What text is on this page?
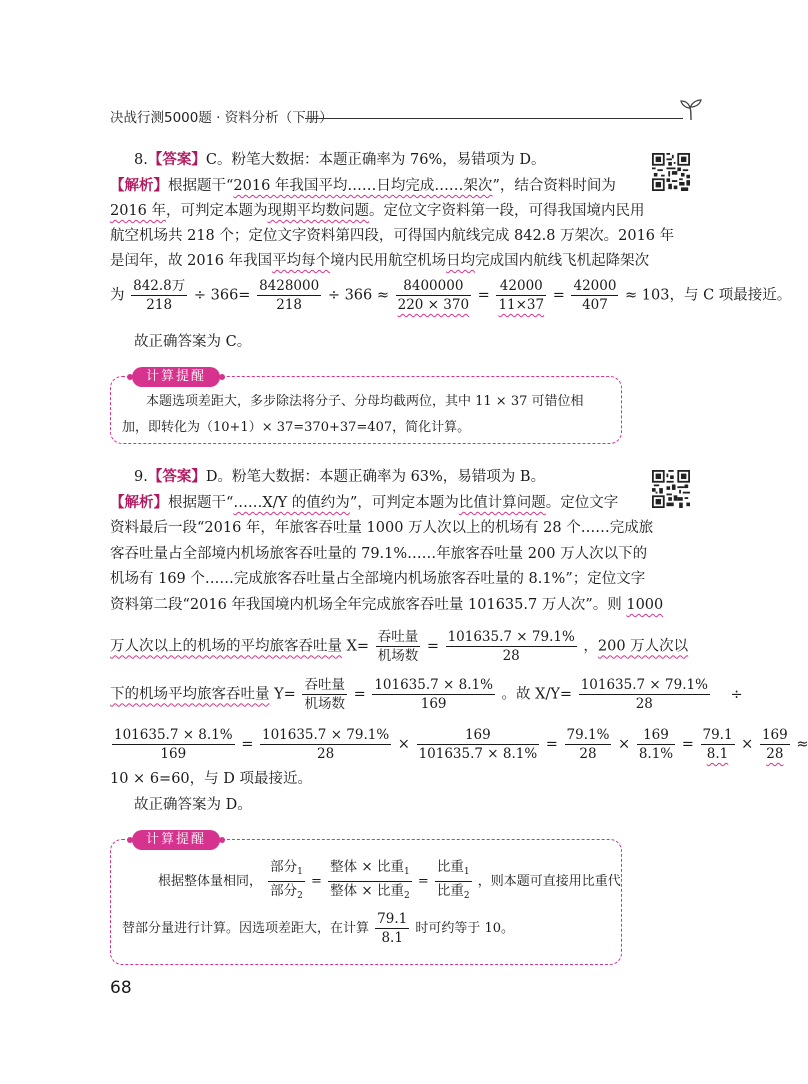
决战行测5000题 · 资料分析（下册）
8.【答案】C。粉笔大数据：本题正确率为 76%，易错项为 D。
【解析】根据题干“2016 年我国平均……日均完成……架次”，结合资料时间为
2016 年，可判定本题为现期平均数问题。定位文字资料第一段，可得我国境内民用
航空机场共 218 个；定位文字资料第四段，可得国内航线完成 842.8 万架次。2016 年
是闰年，故 2016 年我国平均每个境内民用航空机场日均完成国内航线飞机起降架次
为
842.8万
218
÷ $366= \frac{8428000}{218} \div 366 \approx \frac{8400000}{220 \times 370} = \frac{42000}{11\times 37} = \frac{42000}{407} \approx 103$，与 C 项最接近。
故正确答案为 C。
计算提醒
本题选项差距大，多步除法将分子、分母均截两位，其中 11 × 37 可错位相
加，即转化为（10+1）× 37=370+37=407，简化计算。
9.【答案】D。粉笔大数据：本题正确率为 63%，易错项为 B。
【解析】根据题干“……X/Y 的值约为”，可判定本题为比值计算问题。定位文字
资料最后一段“2016 年，年旅客吞吐量 1000 万人次以上的机场有 28 个……完成旅
客吞吐量占全部境内机场旅客吞吐量的 79.1%……年旅客吞吐量 200 万人次以下的
机场有 169 个……完成旅客吞吐量占全部境内机场旅客吞吐量的 8.1%”；定位文字
资料第二段“2016 年我国境内机场全年完成旅客吞吐量 101635.7 万人次”。则 1000
万人次以上的机场的平均旅客吞吐量 X=
吞吐量
机场数
= $\frac{101635.7 \times 79.1\%}{28}$ ，200 万人次以
下的机场平均旅客吞吐量 Y=
吞吐量
机场数
= $\frac{101635.7 \times 8.1\%}{169}$ 。故 $X/Y= \frac{101635.7 \times 79.1\%}{28}$ ÷
$\frac{101635.7 \times 8.1\%}{169} = \frac{101635.7 \times 79.1\%}{28} \times \frac{169}{101635.7 \times 8.1\%} = \frac{79.1\%}{28} \times \frac{169}{8.1\%} = \frac{79.1}{8.1} \times \frac{169}{28}$ ≈
10 × 6=60，与 D 项最接近。
故正确答案为 D。
计算提醒
根据整体量相同，
部分$_1$
部分$_2$
=
整体 × 比重$_1$
整体 × 比重$_2$
=
比重$_1$
比重$_2$
，则本题可直接用比重代
替部分量进行计算。因选项差距大，在计算 $\frac{79.1}{8.1}$ 时可约等于 10。
68
